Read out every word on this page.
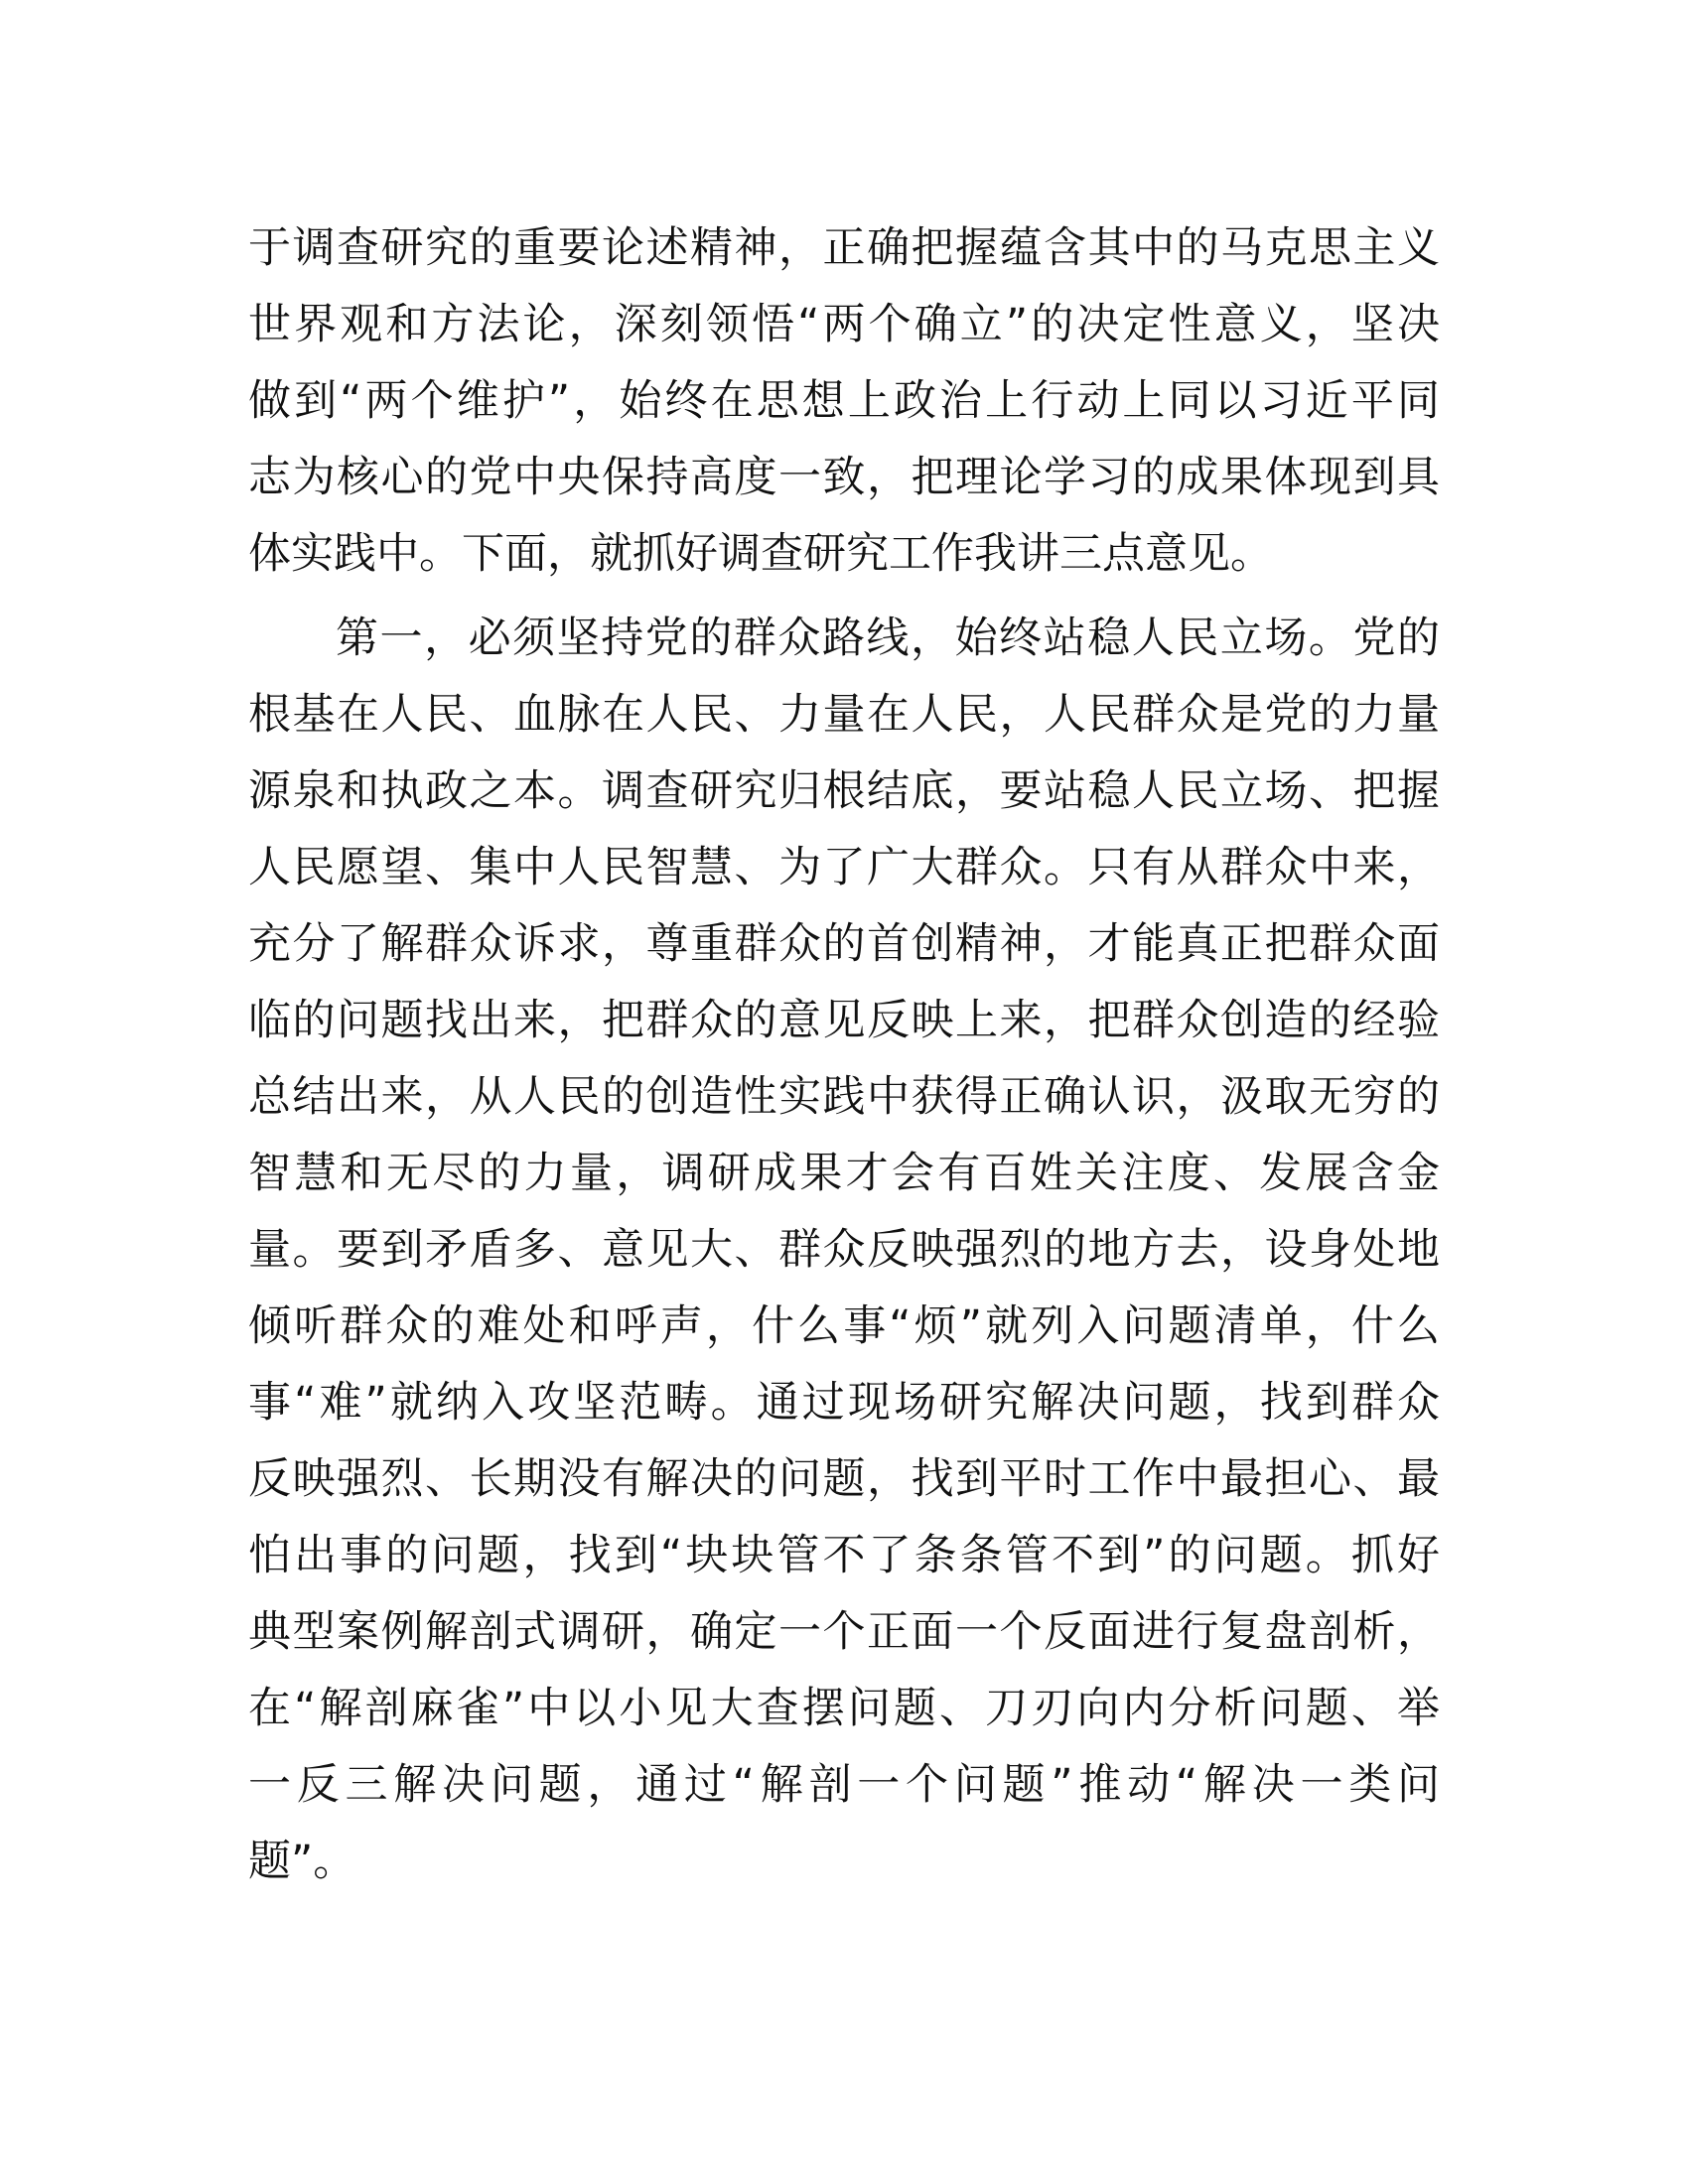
于调查研究的重要论述精神，正确把握蕴含其中的马克思主义
世界观和方法论，深刻领悟“两个确立”的决定性意义，坚决
做到“两个维护”，始终在思想上政治上行动上同以习近平同
志为核心的党中央保持高度一致，把理论学习的成果体现到具
体实践中。下面，就抓好调查研究工作我讲三点意见。
第一，必须坚持党的群众路线，始终站稳人民立场。党的
根基在人民、血脉在人民、力量在人民，人民群众是党的力量
源泉和执政之本。调查研究归根结底，要站稳人民立场、把握
人民愿望、集中人民智慧、为了广大群众。只有从群众中来，
充分了解群众诉求，尊重群众的首创精神，才能真正把群众面
临的问题找出来，把群众的意见反映上来，把群众创造的经验
总结出来，从人民的创造性实践中获得正确认识，汲取无穷的
智慧和无尽的力量，调研成果才会有百姓关注度、发展含金
量。要到矛盾多、意见大、群众反映强烈的地方去，设身处地
倾听群众的难处和呼声，什么事“烦”就列入问题清单，什么
事“难”就纳入攻坚范畴。通过现场研究解决问题，找到群众
反映强烈、长期没有解决的问题，找到平时工作中最担心、最
怕出事的问题，找到“块块管不了条条管不到”的问题。抓好
典型案例解剖式调研，确定一个正面一个反面进行复盘剖析，
在“解剖麻雀”中以小见大查摆问题、刀刃向内分析问题、举
一反三解决问题，通过“解剖一个问题”推动“解决一类问
题”。
